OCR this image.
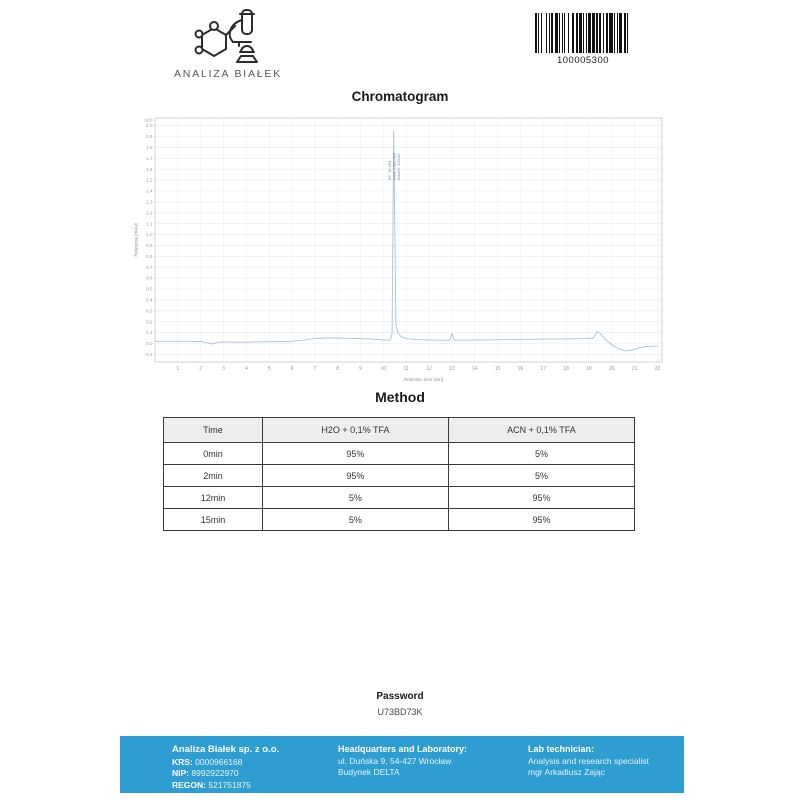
ANALIZA BIAŁEK
100005300
Chromatogram
2.0
1.9
1.8
1.7
1.6
1.5
1.4
1.3
1.2
1.1
1.0
0.9
0.8
0.7
0.6
0.5
0.4
0.3
0.2
0.1
0.0
-0.1
1	2	3	4	5	6	7	8	9	10	11	12	13	14	15	16	17	18	19	20	21	22
x10²
Response [mAU]
Retention time [min]
RT: 10.454 Area: 1985.455 Area%: 100.00
Method
Time	H2O + 0,1% TFA	ACN + 0,1% TFA
0min	95%	5%
2min	95%	5%
12min	5%	95%
15min	5%	95%
Password
U73BD73K
Analiza Białek sp. z o.o.
KRS: 0000966168
NIP: 8992922970
REGON: 521751875
Headquarters and Laboratory:
ul. Duńska 9, 54-427 Wrocław
Budynek DELTA
Lab technician:
Analysis and research specialist
mgr Arkadiusz Zając
